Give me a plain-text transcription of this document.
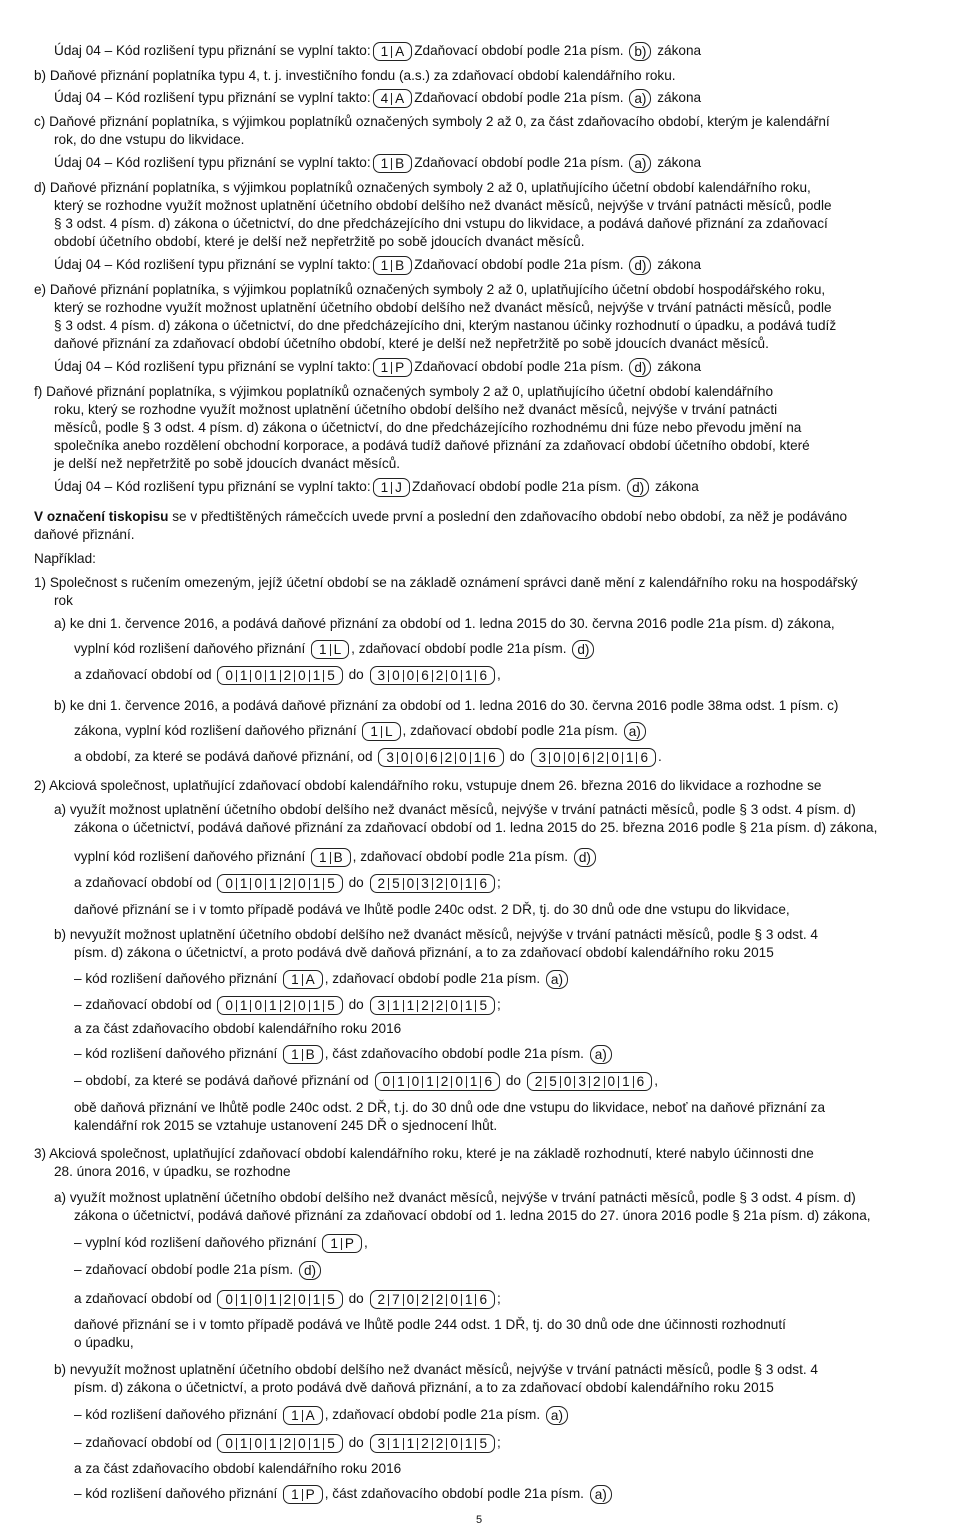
Údaj 04 – Kód rozlišení typu přiznání se vyplní takto: 1 A Zdaňovací období podle 21a písm. b) zákona
b) Daňové přiznání poplatníka typu 4, t. j. investičního fondu (a.s.) za zdaňovací období kalendářního roku.
Údaj 04 – Kód rozlišení typu přiznání se vyplní takto: 4 A Zdaňovací období podle 21a písm. a) zákona
c) Daňové přiznání poplatníka, s výjimkou poplatníků označených symboly 2 až 0, za část zdaňovacího období, kterým je kalendářní
rok, do dne vstupu do likvidace.
Údaj 04 – Kód rozlišení typu přiznání se vyplní takto: 1 B Zdaňovací období podle 21a písm. a) zákona
d) Daňové přiznání poplatníka, s výjimkou poplatníků označených symboly 2 až 0, uplatňujícího účetní období kalendářního roku,
který se rozhodne využít možnost uplatnění účetního období delšího než dvanáct měsíců, nejvýše v trvání patnácti měsíců, podle
§ 3 odst. 4 písm. d) zákona o účetnictví, do dne předcházejícího dni vstupu do likvidace, a podává daňové přiznání za zdaňovací
období účetního období, které je delší než nepřetržitě po sobě jdoucích dvanáct měsíců.
Údaj 04 – Kód rozlišení typu přiznání se vyplní takto: 1 B Zdaňovací období podle 21a písm. d) zákona
e) Daňové přiznání poplatníka, s výjimkou poplatníků označených symboly 2 až 0, uplatňujícího účetní období hospodářského roku,
který se rozhodne využít možnost uplatnění účetního období delšího než dvanáct měsíců, nejvýše v trvání patnácti měsíců, podle
§ 3 odst. 4 písm. d) zákona o účetnictví, do dne předcházejícího dni, kterým nastanou účinky rozhodnutí o úpadku, a podává tudíž
daňové přiznání za zdaňovací období účetního období, které je delší než nepřetržitě po sobě jdoucích dvanáct měsíců.
Údaj 04 – Kód rozlišení typu přiznání se vyplní takto: 1 P Zdaňovací období podle 21a písm. d) zákona
f) Daňové přiznání poplatníka, s výjimkou poplatníků označených symboly 2 až 0, uplatňujícího účetní období kalendářního
roku, který se rozhodne využít možnost uplatnění účetního období delšího než dvanáct měsíců, nejvýše v trvání patnácti
měsíců, podle § 3 odst. 4 písm. d) zákona o účetnictví, do dne předcházejícího rozhodnému dni fúze nebo převodu jmění na
společníka anebo rozdělení obchodní korporace, a podává tudíž daňové přiznání za zdaňovací období účetního období, které
je delší než nepřetržitě po sobě jdoucích dvanáct měsíců.
Údaj 04 – Kód rozlišení typu přiznání se vyplní takto: 1 J Zdaňovací období podle 21a písm. d) zákona
V označení tiskopisu se v předtištěných rámečcích uvede první a poslední den zdaňovacího období nebo období, za něž je podáváno
daňové přiznání.
Například:
1) Společnost s ručením omezeným, jejíž účetní období se na základě oznámení správci daně mění z kalendářního roku na hospodářský
rok
a) ke dni 1. července 2016, a podává daňové přiznání za období od 1. ledna 2015 do 30. června 2016 podle 21a písm. d) zákona,
vyplní kód rozlišení daňového přiznání 1 L , zdaňovací období podle 21a písm. d)
a zdaňovací období od 0 1 0 1 2 0 1 5 do 3 0 0 6 2 0 1 6 ,
b) ke dni 1. července 2016, a podává daňové přiznání za období od 1. ledna 2016 do 30. června 2016 podle 38ma odst. 1 písm. c)
zákona, vyplní kód rozlišení daňového přiznání 1 L , zdaňovací období podle 21a písm. a)
a období, za které se podává daňové přiznání, od 3 0 0 6 2 0 1 6 do 3 0 0 6 2 0 1 6 .
2) Akciová společnost, uplatňující zdaňovací období kalendářního roku, vstupuje dnem 26. března 2016 do likvidace a rozhodne se
a) využít možnost uplatnění účetního období delšího než dvanáct měsíců, nejvýše v trvání patnácti měsíců, podle § 3 odst. 4 písm. d)
zákona o účetnictví, podává daňové přiznání za zdaňovací období od 1. ledna 2015 do 25. března 2016 podle § 21a písm. d) zákona,
vyplní kód rozlišení daňového přiznání 1 B , zdaňovací období podle 21a písm. d)
a zdaňovací období od 0 1 0 1 2 0 1 5 do 2 5 0 3 2 0 1 6 ;
daňové přiznání se i v tomto případě podává ve lhůtě podle 240c odst. 2 DŘ, tj. do 30 dnů ode dne vstupu do likvidace,
b) nevyužít možnost uplatnění účetního období delšího než dvanáct měsíců, nejvýše v trvání patnácti měsíců, podle § 3 odst. 4
písm. d) zákona o účetnictví, a proto podává dvě daňová přiznání, a to za zdaňovací období kalendářního roku 2015
– kód rozlišení daňového přiznání 1 A , zdaňovací období podle 21a písm. a)
– zdaňovací období od 0 1 0 1 2 0 1 5 do 3 1 1 2 2 0 1 5 ;
a za část zdaňovacího období kalendářního roku 2016
– kód rozlišení daňového přiznání 1 B , část zdaňovacího období podle 21a písm. a)
– období, za které se podává daňové přiznání od 0 1 0 1 2 0 1 6 do 2 5 0 3 2 0 1 6 ,
obě daňová přiznání ve lhůtě podle 240c odst. 2 DŘ, t.j. do 30 dnů ode dne vstupu do likvidace, neboť na daňové přiznání za
kalendářní rok 2015 se vztahuje ustanovení 245 DŘ o sjednocení lhůt.
3) Akciová společnost, uplatňující zdaňovací období kalendářního roku, které je na základě rozhodnutí, které nabylo účinnosti dne
28. února 2016, v úpadku, se rozhodne
a) využít možnost uplatnění účetního období delšího než dvanáct měsíců, nejvýše v trvání patnácti měsíců, podle § 3 odst. 4 písm. d)
zákona o účetnictví, podává daňové přiznání za zdaňovací období od 1. ledna 2015 do 27. února 2016 podle § 21a písm. d) zákona,
– vyplní kód rozlišení daňového přiznání 1 P ,
– zdaňovací období podle 21a písm. d)
a zdaňovací období od 0 1 0 1 2 0 1 5 do 2 7 0 2 2 0 1 6 ;
daňové přiznání se i v tomto případě podává ve lhůtě podle 244 odst. 1 DŘ, tj. do 30 dnů ode dne účinnosti rozhodnutí
o úpadku,
b) nevyužít možnost uplatnění účetního období delšího než dvanáct měsíců, nejvýše v trvání patnácti měsíců, podle § 3 odst. 4
písm. d) zákona o účetnictví, a proto podává dvě daňová přiznání, a to za zdaňovací období kalendářního roku 2015
– kód rozlišení daňového přiznání 1 A , zdaňovací období podle 21a písm. a)
– zdaňovací období od 0 1 0 1 2 0 1 5 do 3 1 1 2 2 0 1 5 ;
a za část zdaňovacího období kalendářního roku 2016
– kód rozlišení daňového přiznání 1 P , část zdaňovacího období podle 21a písm. a)
5
